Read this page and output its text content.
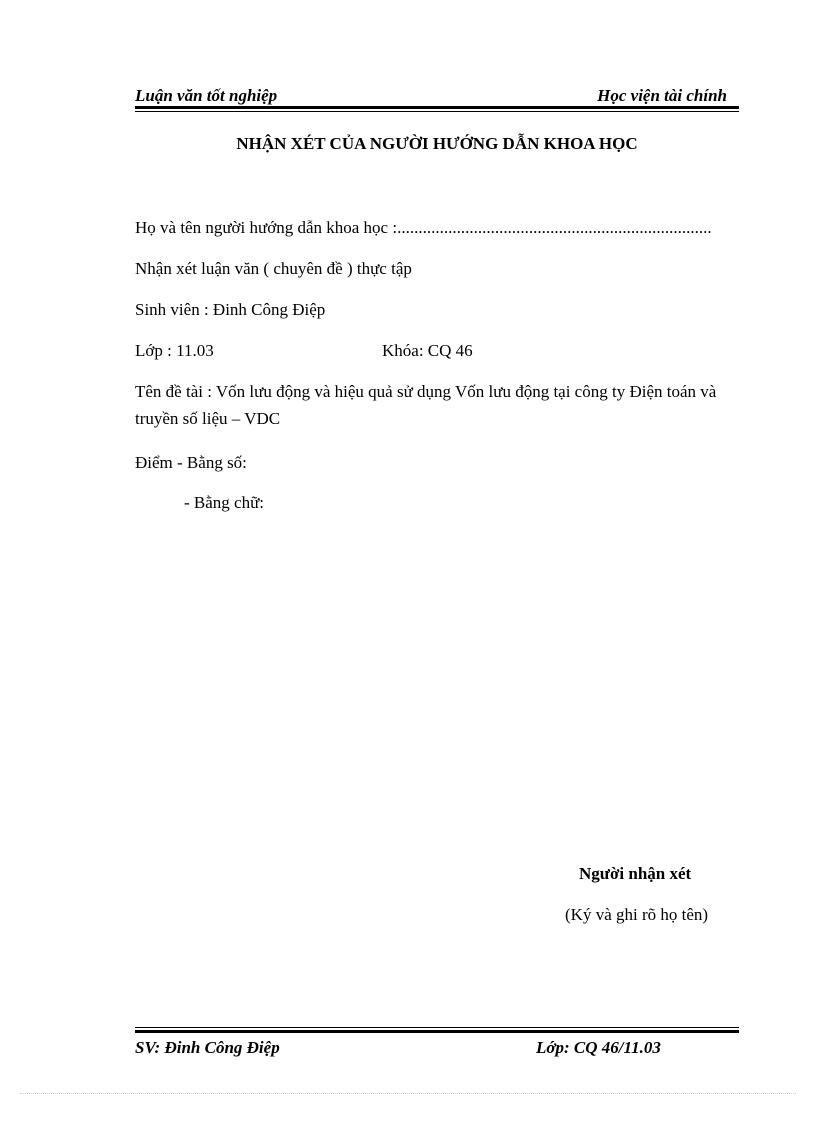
Luận văn tốt nghiệp	Học viện tài chính
NHẬN XÉT CỦA NGƯỜI HƯỚNG DẪN KHOA HỌC
Họ và tên người hướng dẫn khoa học :..........................................................................
Nhận xét luận văn ( chuyên đề ) thực tập
Sinh viên : Đinh Công Điệp
Lớp : 11.03	Khóa: CQ 46
Tên đề tài : Vốn lưu động và hiệu quả sử dụng Vốn lưu động tại công ty Điện toán và truyền số liệu – VDC
Điểm - Bằng số:
- Bằng chữ:
Người nhận xét
(Ký và ghi rõ họ tên)
SV: Đinh Công Điệp	Lớp: CQ 46/11.03
